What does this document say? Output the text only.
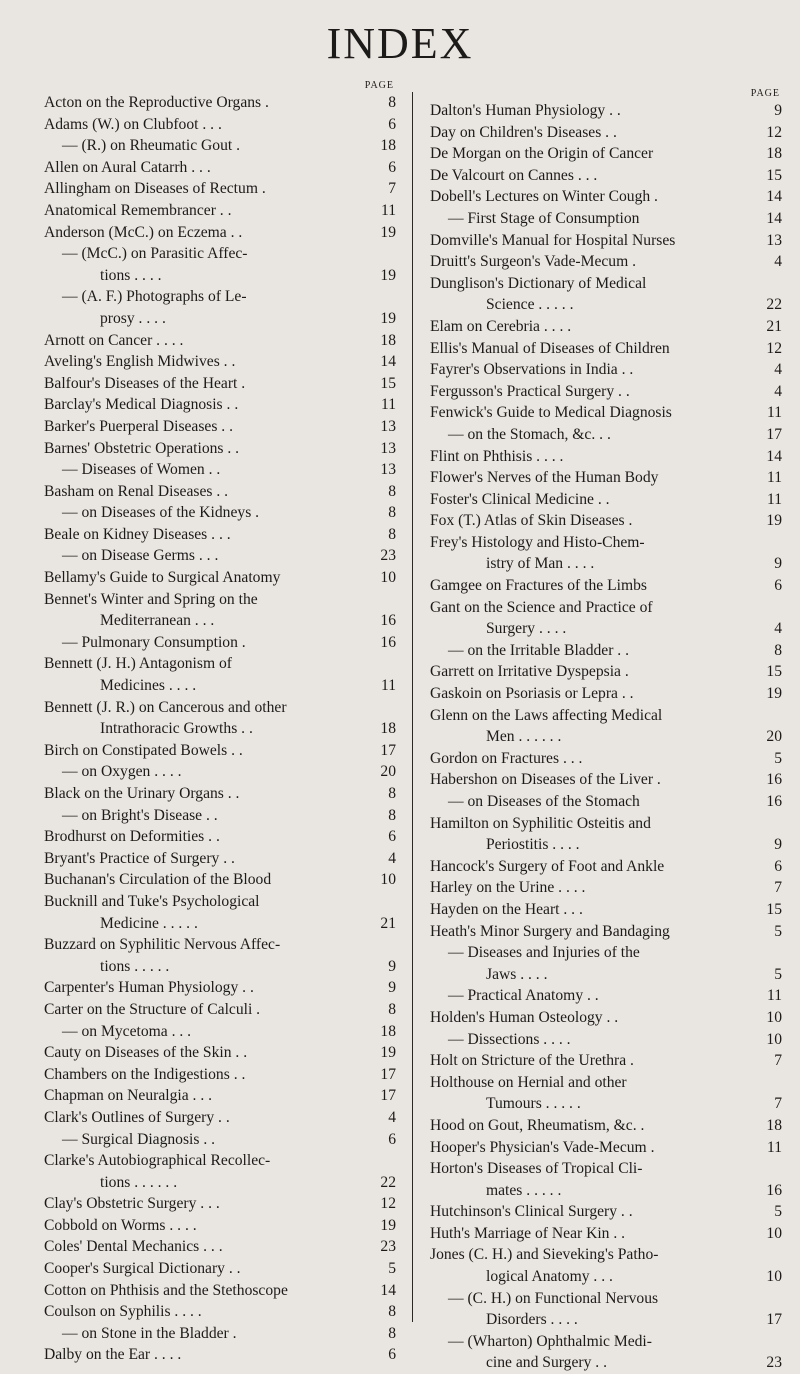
INDEX
PAGE
Acton on the Reproductive Organs .	8
Adams (W.) on Clubfoot . . .	6
— (R.) on Rheumatic Gout .	18
Allen on Aural Catarrh . . .	6
Allingham on Diseases of Rectum .	7
Anatomical Remembrancer . .	11
Anderson (McC.) on Eczema . .	19
— (McC.) on Parasitic Affec-
tions . . . .	19
— (A. F.) Photographs of Le-
prosy . . . .	19
Arnott on Cancer . . . .	18
Aveling's English Midwives . .	14
Balfour's Diseases of the Heart .	15
Barclay's Medical Diagnosis . .	11
Barker's Puerperal Diseases . .	13
Barnes' Obstetric Operations . .	13
— Diseases of Women . .	13
Basham on Renal Diseases . .	8
— on Diseases of the Kidneys .	8
Beale on Kidney Diseases . . .	8
— on Disease Germs . . .	23
Bellamy's Guide to Surgical Anatomy	10
Bennet's Winter and Spring on the
Mediterranean . . .	16
— Pulmonary Consumption .	16
Bennett (J. H.) Antagonism of
Medicines . . . .	11
Bennett (J. R.) on Cancerous and other
Intrathoracic Growths . .	18
Birch on Constipated Bowels . .	17
— on Oxygen . . . .	20
Black on the Urinary Organs . .	8
— on Bright's Disease . .	8
Brodhurst on Deformities . .	6
Bryant's Practice of Surgery . .	4
Buchanan's Circulation of the Blood	10
Bucknill and Tuke's Psychological
Medicine . . . . .	21
Buzzard on Syphilitic Nervous Affec-
tions . . . . .	9
Carpenter's Human Physiology . .	9
Carter on the Structure of Calculi .	8
— on Mycetoma . . .	18
Cauty on Diseases of the Skin . .	19
Chambers on the Indigestions . .	17
Chapman on Neuralgia . . .	17
Clark's Outlines of Surgery . .	4
— Surgical Diagnosis . .	6
Clarke's Autobiographical Recollec-
tions . . . . . .	22
Clay's Obstetric Surgery . . .	12
Cobbold on Worms . . . .	19
Coles' Dental Mechanics . . .	23
Cooper's Surgical Dictionary . .	5
Cotton on Phthisis and the Stethoscope	14
Coulson on Syphilis . . . .	8
— on Stone in the Bladder .	8
Dalby on the Ear . . . .	6
PAGE
Dalton's Human Physiology . .	9
Day on Children's Diseases . .	12
De Morgan on the Origin of Cancer	18
De Valcourt on Cannes . . .	15
Dobell's Lectures on Winter Cough .	14
— First Stage of Consumption	14
Domville's Manual for Hospital Nurses	13
Druitt's Surgeon's Vade-Mecum .	4
Dunglison's Dictionary of Medical
Science . . . . .	22
Elam on Cerebria . . . .	21
Ellis's Manual of Diseases of Children	12
Fayrer's Observations in India . .	4
Fergusson's Practical Surgery . .	4
Fenwick's Guide to Medical Diagnosis	11
— on the Stomach, &c. . .	17
Flint on Phthisis . . . .	14
Flower's Nerves of the Human Body	11
Foster's Clinical Medicine . .	11
Fox (T.) Atlas of Skin Diseases .	19
Frey's Histology and Histo-Chem-
istry of Man . . . .	9
Gamgee on Fractures of the Limbs	6
Gant on the Science and Practice of
Surgery . . . .	4
— on the Irritable Bladder . .	8
Garrett on Irritative Dyspepsia .	15
Gaskoin on Psoriasis or Lepra . .	19
Glenn on the Laws affecting Medical
Men . . . . . .	20
Gordon on Fractures . . .	5
Habershon on Diseases of the Liver .	16
— on Diseases of the Stomach	16
Hamilton on Syphilitic Osteitis and
Periostitis . . . .	9
Hancock's Surgery of Foot and Ankle	6
Harley on the Urine . . . .	7
Hayden on the Heart . . .	15
Heath's Minor Surgery and Bandaging	5
— Diseases and Injuries of the
Jaws . . . .	5
— Practical Anatomy . .	11
Holden's Human Osteology . .	10
— Dissections . . . .	10
Holt on Stricture of the Urethra .	7
Holthouse on Hernial and other
Tumours . . . . .	7
Hood on Gout, Rheumatism, &c. .	18
Hooper's Physician's Vade-Mecum .	11
Horton's Diseases of Tropical Cli-
mates . . . . .	16
Hutchinson's Clinical Surgery . .	5
Huth's Marriage of Near Kin . .	10
Jones (C. H.) and Sieveking's Patho-
logical Anatomy . . .	10
— (C. H.) on Functional Nervous
Disorders . . . .	17
— (Wharton) Ophthalmic Medi-
cine and Surgery . .	23
